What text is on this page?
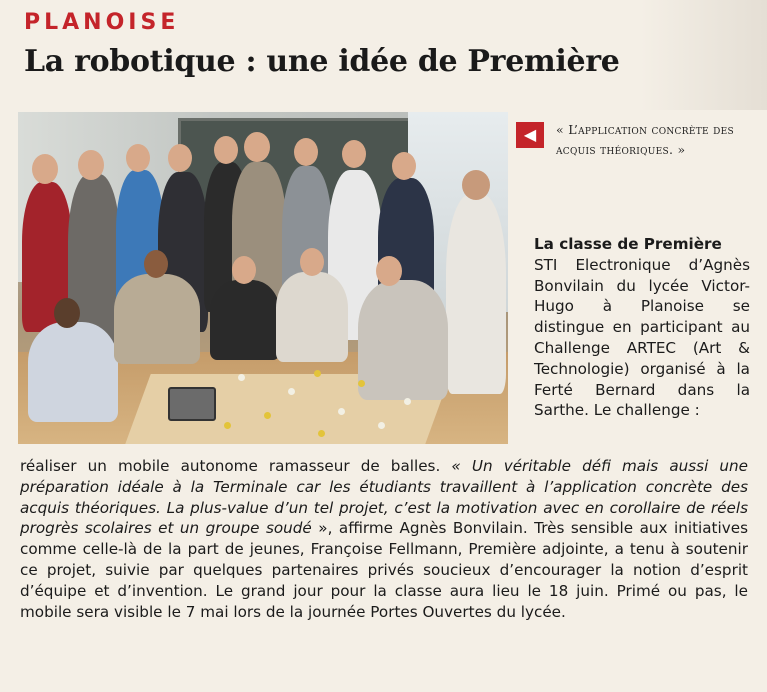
PLANOISE
La robotique : une idée de Première
◀	« L’application concrète des acquis théoriques. »
La classe de Première
STI Electronique d’Agnès Bonvilain du lycée Victor-Hugo à Planoise se distingue en participant au Challenge ARTEC (Art & Technologie) organisé à la Ferté Bernard dans la Sarthe. Le challenge :
réaliser un mobile autonome ramasseur de balles. « Un véritable défi mais aussi une préparation idéale à la Terminale car les étudiants travaillent à l’application concrète des acquis théoriques. La plus-value d’un tel projet, c’est la motivation avec en corollaire de réels progrès scolaires et un groupe soudé », affirme Agnès Bonvilain. Très sensible aux initiatives comme celle-là de la part de jeunes, Françoise Fellmann, Première adjointe, a tenu à soutenir ce projet, suivie par quelques partenaires privés soucieux d’encourager la notion d’esprit d’équipe et d’invention. Le grand jour pour la classe aura lieu le 18 juin. Primé ou pas, le mobile sera visible le 7 mai lors de la journée Portes Ouvertes du lycée.
